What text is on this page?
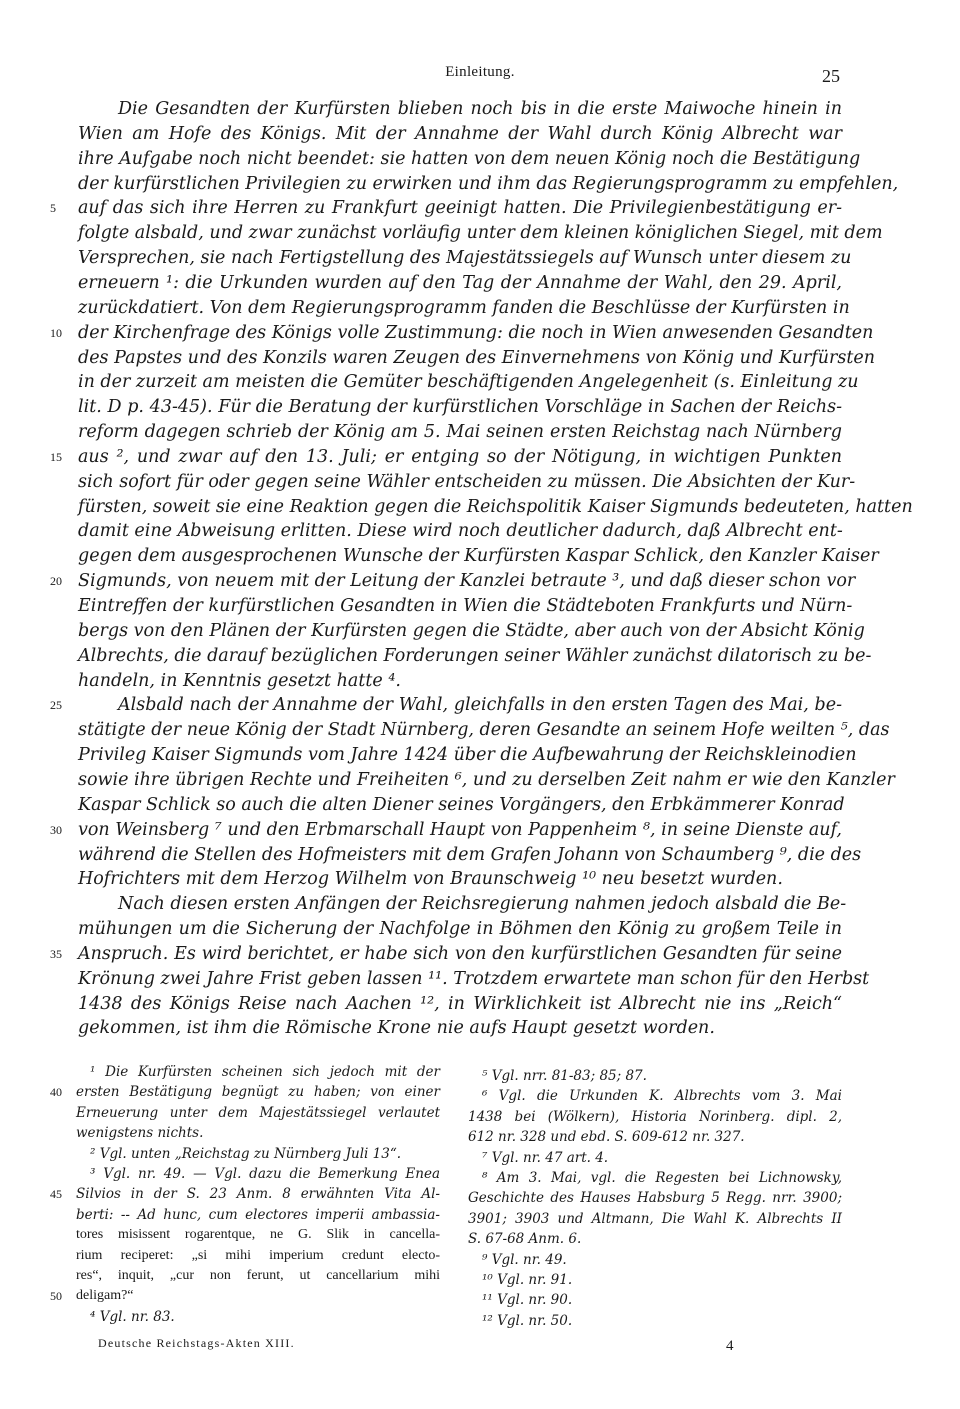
Einleitung.	25
Die Gesandten der Kurfürsten blieben noch bis in die erste Maiwoche hinein in
Wien am Hofe des Königs. Mit der Annahme der Wahl durch König Albrecht war
ihre Aufgabe noch nicht beendet: sie hatten von dem neuen König noch die Bestätigung
der kurfürstlichen Privilegien zu erwirken und ihm das Regierungsprogramm zu empfehlen,
auf das sich ihre Herren zu Frankfurt geeinigt hatten. Die Privilegienbestätigung er-
5
folgte alsbald, und zwar zunächst vorläufig unter dem kleinen königlichen Siegel, mit dem
Versprechen, sie nach Fertigstellung des Majestätssiegels auf Wunsch unter diesem zu
erneuern ¹: die Urkunden wurden auf den Tag der Annahme der Wahl, den 29. April,
zurückdatiert. Von dem Regierungsprogramm fanden die Beschlüsse der Kurfürsten in
der Kirchenfrage des Königs volle Zustimmung: die noch in Wien anwesenden Gesandten
10
des Papstes und des Konzils waren Zeugen des Einvernehmens von König und Kurfürsten
in der zurzeit am meisten die Gemüter beschäftigenden Angelegenheit (s. Einleitung zu
lit. D p. 43-45). Für die Beratung der kurfürstlichen Vorschläge in Sachen der Reichs-
reform dagegen schrieb der König am 5. Mai seinen ersten Reichstag nach Nürnberg
aus ², und zwar auf den 13. Juli; er entging so der Nötigung, in wichtigen Punkten
15
sich sofort für oder gegen seine Wähler entscheiden zu müssen. Die Absichten der Kur-
fürsten, soweit sie eine Reaktion gegen die Reichspolitik Kaiser Sigmunds bedeuteten, hatten
damit eine Abweisung erlitten. Diese wird noch deutlicher dadurch, daß Albrecht ent-
gegen dem ausgesprochenen Wunsche der Kurfürsten Kaspar Schlick, den Kanzler Kaiser
Sigmunds, von neuem mit der Leitung der Kanzlei betraute ³, und daß dieser schon vor
20
Eintreffen der kurfürstlichen Gesandten in Wien die Städteboten Frankfurts und Nürn-
bergs von den Plänen der Kurfürsten gegen die Städte, aber auch von der Absicht König
Albrechts, die darauf bezüglichen Forderungen seiner Wähler zunächst dilatorisch zu be-
handeln, in Kenntnis gesetzt hatte ⁴.
Alsbald nach der Annahme der Wahl, gleichfalls in den ersten Tagen des Mai, be-
25
stätigte der neue König der Stadt Nürnberg, deren Gesandte an seinem Hofe weilten ⁵, das
Privileg Kaiser Sigmunds vom Jahre 1424 über die Aufbewahrung der Reichskleinodien
sowie ihre übrigen Rechte und Freiheiten ⁶, und zu derselben Zeit nahm er wie den Kanzler
Kaspar Schlick so auch die alten Diener seines Vorgängers, den Erbkämmerer Konrad
von Weinsberg ⁷ und den Erbmarschall Haupt von Pappenheim ⁸, in seine Dienste auf,
30
während die Stellen des Hofmeisters mit dem Grafen Johann von Schaumberg ⁹, die des
Hofrichters mit dem Herzog Wilhelm von Braunschweig ¹⁰ neu besetzt wurden.
Nach diesen ersten Anfängen der Reichsregierung nahmen jedoch alsbald die Be-
mühungen um die Sicherung der Nachfolge in Böhmen den König zu großem Teile in
Anspruch. Es wird berichtet, er habe sich von den kurfürstlichen Gesandten für seine
35
Krönung zwei Jahre Frist geben lassen ¹¹. Trotzdem erwartete man schon für den Herbst
1438 des Königs Reise nach Aachen ¹², in Wirklichkeit ist Albrecht nie ins „Reich“
gekommen, ist ihm die Römische Krone nie aufs Haupt gesetzt worden.
¹ Die Kurfürsten scheinen sich jedoch mit der
ersten Bestätigung begnügt zu haben; von einer
40
Erneuerung unter dem Majestätssiegel verlautet
wenigstens nichts.
² Vgl. unten „Reichstag zu Nürnberg Juli 13“.
³ Vgl. nr. 49. — Vgl. dazu die Bemerkung Enea
Silvios in der S. 23 Anm. 8 erwähnten Vita Al-
45
berti: -- Ad hunc, cum electores imperii ambassia-
tores misissent rogarentque, ne G. Slik in cancella-
rium reciperet: „si mihi imperium credunt electo-
res“, inquit, „cur non ferunt, ut cancellarium mihi
deligam?“
50
⁴ Vgl. nr. 83.
⁵ Vgl. nrr. 81-83; 85; 87.
⁶ Vgl. die Urkunden K. Albrechts vom 3. Mai
1438 bei (Wölkern), Historia Norinberg. dipl. 2,
612 nr. 328 und ebd. S. 609-612 nr. 327.
⁷ Vgl. nr. 47 art. 4.
⁸ Am 3. Mai, vgl. die Regesten bei Lichnowsky,
Geschichte des Hauses Habsburg 5 Regg. nrr. 3900;
3901; 3903 und Altmann, Die Wahl K. Albrechts II
S. 67-68 Anm. 6.
⁹ Vgl. nr. 49.
¹⁰ Vgl. nr. 91.
¹¹ Vgl. nr. 90.
¹² Vgl. nr. 50.
Deutsche Reichstags-Akten XIII.	4
